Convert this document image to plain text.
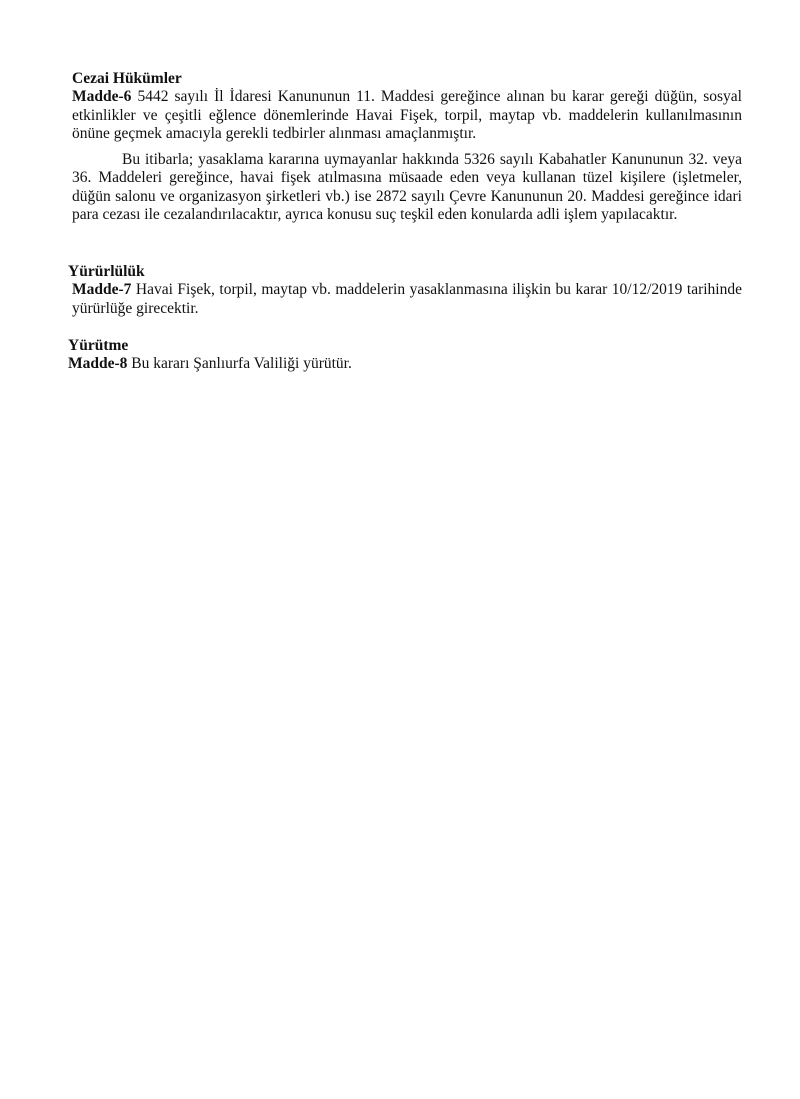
Cezai Hükümler

Madde-6 5442 sayılı İl İdaresi Kanununun 11. Maddesi gereğince alınan bu karar gereği düğün, sosyal etkinlikler ve çeşitli eğlence dönemlerinde Havai Fişek, torpil, maytap vb. maddelerin kullanılmasının önüne geçmek amacıyla gerekli tedbirler alınması amaçlanmıştır.

Bu itibarla; yasaklama kararına uymayanlar hakkında 5326 sayılı Kabahatler Kanununun 32. veya 36. Maddeleri gereğince, havai fişek atılmasına müsaade eden veya kullanan tüzel kişilere (işletmeler, düğün salonu ve organizasyon şirketleri vb.) ise 2872 sayılı Çevre Kanununun 20. Maddesi gereğince idari para cezası ile cezalandırılacaktır, ayrıca konusu suç teşkil eden konularda adli işlem yapılacaktır.

Yürürlülük

Madde-7 Havai Fişek, torpil, maytap vb. maddelerin yasaklanmasına ilişkin bu karar 10/12/2019 tarihinde yürürlüğe girecektir.

Yürütme

Madde-8 Bu kararı Şanlıurfa Valiliği yürütür.
